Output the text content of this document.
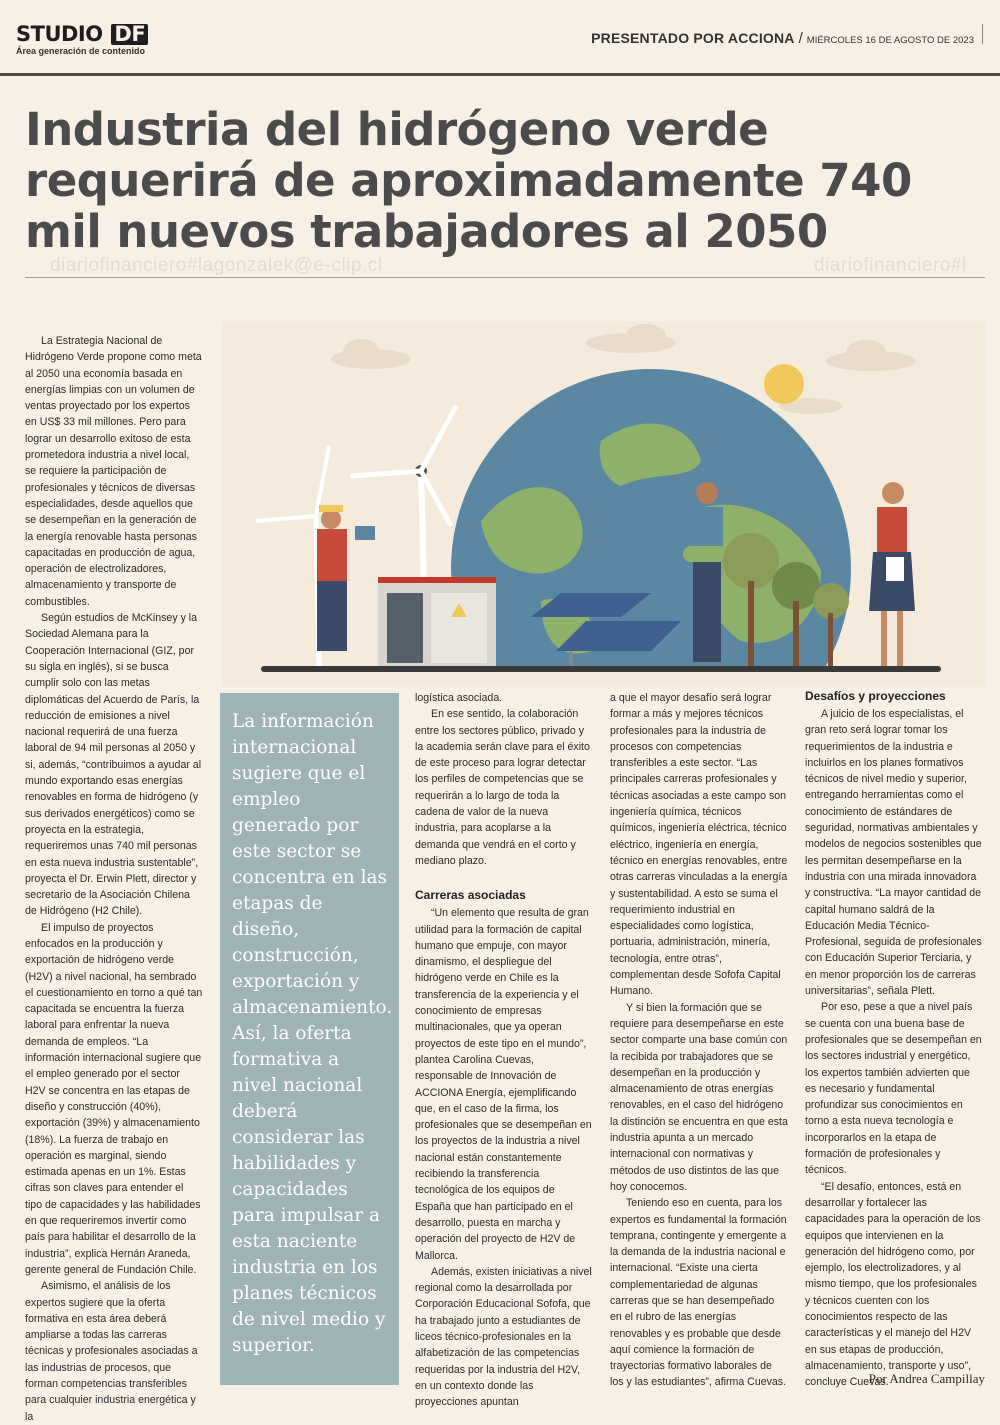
STUDIO DF
Área generación de contenido
PRESENTADO POR ACCIONA / MIÉRCOLES 16 DE AGOSTO DE 2023
Industria del hidrógeno verde requerirá de aproximadamente 740 mil nuevos trabajadores al 2050
diariofinanciero#lagonzalek@e-clip.cl	diariofinanciero#l

La Estrategia Nacional de Hidrógeno Verde propone como meta al 2050 una economía basada en energías limpias con un volumen de ventas proyectado por los expertos en US$ 33 mil millones. Pero para lograr un desarrollo exitoso de esta prometedora industria a nivel local, se requiere la participación de profesionales y técnicos de diversas especialidades, desde aquellos que se desempeñan en la generación de la energía renovable hasta personas capacitadas en producción de agua, operación de electrolizadores, almacenamiento y transporte de combustibles.

Según estudios de McKinsey y la Sociedad Alemana para la Cooperación Internacional (GIZ, por su sigla en inglés), si se busca cumplir solo con las metas diplomáticas del Acuerdo de París, la reducción de emisiones a nivel nacional requerirá de una fuerza laboral de 94 mil personas al 2050 y si, además, “contribuimos a ayudar al mundo exportando esas energías renovables en forma de hidrógeno (y sus derivados energéticos) como se proyecta en la estrategia, requeriremos unas 740 mil personas en esta nueva industria sustentable”, proyecta el Dr. Erwin Plett, director y secretario de la Asociación Chilena de Hidrógeno (H2 Chile).

El impulso de proyectos enfocados en la producción y exportación de hidrógeno verde (H2V) a nivel nacional, ha sembrado el cuestionamiento en torno a qué tan capacitada se encuentra la fuerza laboral para enfrentar la nueva demanda de empleos. “La información internacional sugiere que el empleo generado por el sector H2V se concentra en las etapas de diseño y construcción (40%), exportación (39%) y almacenamiento (18%). La fuerza de trabajo en operación es marginal, siendo estimada apenas en un 1%. Estas cifras son claves para entender el tipo de capacidades y las habilidades en que requeriremos invertir como país para habilitar el desarrollo de la industria”, explica Hernán Araneda, gerente general de Fundación Chile.

Asimismo, el análisis de los expertos sugiere que la oferta formativa en esta área deberá ampliarse a todas las carreras técnicas y profesionales asociadas a las industrias de procesos, que forman competencias transferibles para cualquier industria energética y la

La información internacional sugiere que el empleo generado por este sector se concentra en las etapas de diseño, construcción, exportación y almacenamiento. Así, la oferta formativa a nivel nacional deberá considerar las habilidades y capacidades para impulsar a esta naciente industria en los planes técnicos de nivel medio y superior.

logística asociada.

En ese sentido, la colaboración entre los sectores público, privado y la academia serán clave para el éxito de este proceso para lograr detectar los perfiles de competencias que se requerirán a lo largo de toda la cadena de valor de la nueva industria, para acoplarse a la demanda que vendrá en el corto y mediano plazo.

Carreras asociadas

“Un elemento que resulta de gran utilidad para la formación de capital humano que empuje, con mayor dinamismo, el despliegue del hidrógeno verde en Chile es la transferencia de la experiencia y el conocimiento de empresas multinacionales, que ya operan proyectos de este tipo en el mundo”, plantea Carolina Cuevas, responsable de Innovación de ACCIONA Energía, ejemplificando que, en el caso de la firma, los profesionales que se desempeñan en los proyectos de la industria a nivel nacional están constantemente recibiendo la transferencia tecnológica de los equipos de España que han participado en el desarrollo, puesta en marcha y operación del proyecto de H2V de Mallorca.

Además, existen iniciativas a nivel regional como la desarrollada por Corporación Educacional Sofofa, que ha trabajado junto a estudiantes de liceos técnico-profesionales en la alfabetización de las competencias requeridas por la industria del H2V, en un contexto donde las proyecciones apuntan

a que el mayor desafío será lograr formar a más y mejores técnicos profesionales para la industria de procesos con competencias transferibles a este sector. “Las principales carreras profesionales y técnicas asociadas a este campo son ingeniería química, técnicos químicos, ingeniería eléctrica, técnico eléctrico, ingeniería en energía, técnico en energías renovables, entre otras carreras vinculadas a la energía y sustentabilidad. A esto se suma el requerimiento industrial en especialidades como logística, portuaria, administración, minería, tecnología, entre otras”, complementan desde Sofofa Capital Humano.

Y si bien la formación que se requiere para desempeñarse en este sector comparte una base común con la recibida por trabajadores que se desempeñan en la producción y almacenamiento de otras energías renovables, en el caso del hidrógeno la distinción se encuentra en que esta industria apunta a un mercado internacional con normativas y métodos de uso distintos de las que hoy conocemos.

Teniendo eso en cuenta, para los expertos es fundamental la formación temprana, contingente y emergente a la demanda de la industria nacional e internacional. “Existe una cierta complementariedad de algunas carreras que se han desempeñado en el rubro de las energías renovables y es probable que desde aquí comience la formación de trayectorias formativo laborales de los y las estudiantes”, afirma Cuevas.

Desafíos y proyecciones

A juicio de los especialistas, el gran reto será lograr tomar los requerimientos de la industria e incluirlos en los planes formativos técnicos de nivel medio y superior, entregando herramientas como el conocimiento de estándares de seguridad, normativas ambientales y modelos de negocios sostenibles que les permitan desempeñarse en la industria con una mirada innovadora y constructiva. “La mayor cantidad de capital humano saldrá de la Educación Media Técnico-Profesional, seguida de profesionales con Educación Superior Terciaria, y en menor proporción los de carreras universitarias”, señala Plett.

Por eso, pese a que a nivel país se cuenta con una buena base de profesionales que se desempeñan en los sectores industrial y energético, los expertos también advierten que es necesario y fundamental profundizar sus conocimientos en torno a esta nueva tecnología e incorporarlos en la etapa de formación de profesionales y técnicos.

“El desafío, entonces, está en desarrollar y fortalecer las capacidades para la operación de los equipos que intervienen en la generación del hidrógeno como, por ejemplo, los electrolizadores, y al mismo tiempo, que los profesionales y técnicos cuenten con los conocimientos respecto de las características y el manejo del H2V en sus etapas de producción, almacenamiento, transporte y uso”, concluye Cuevas.

Por Andrea Campillay
